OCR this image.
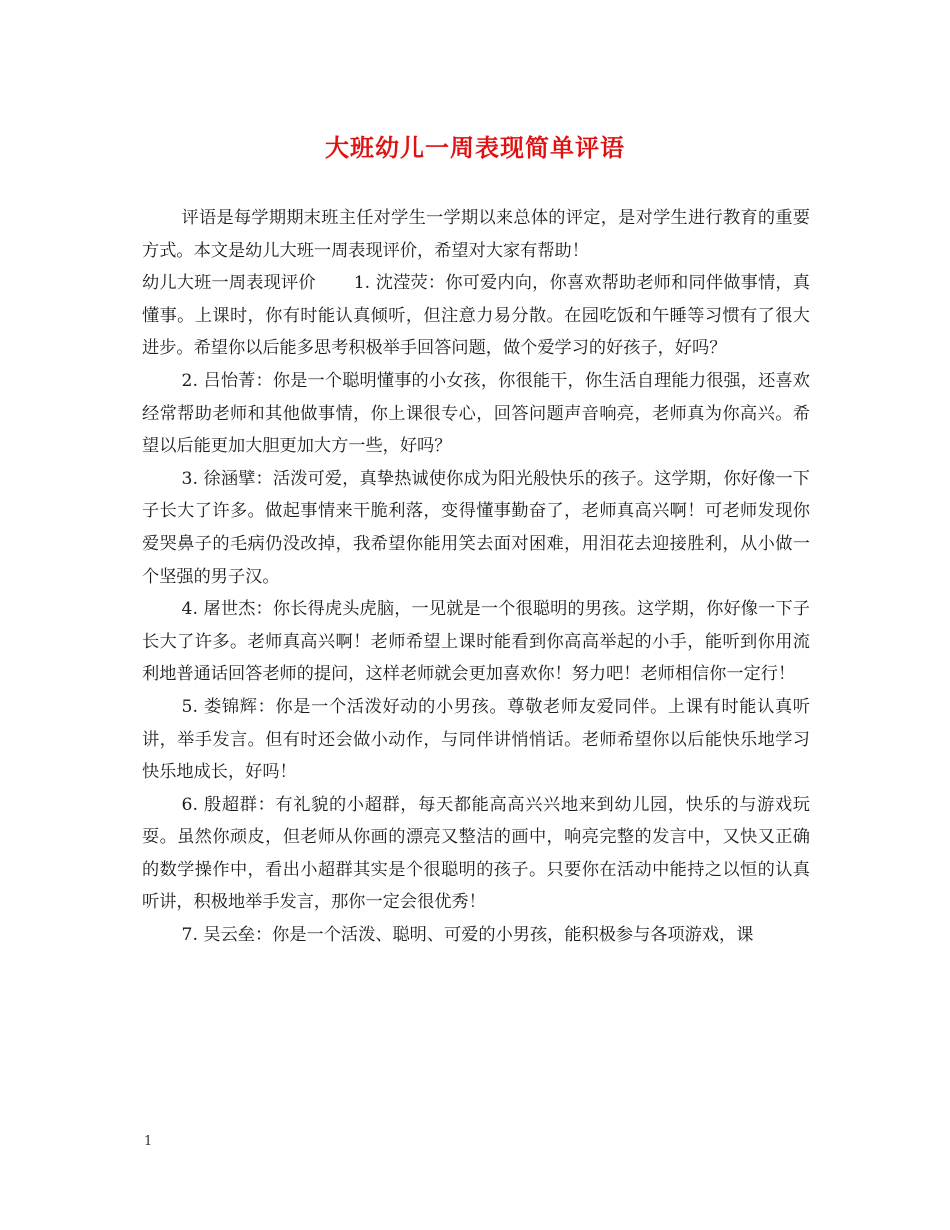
大班幼儿一周表现简单评语

评语是每学期期末班主任对学生一学期以来总体的评定，是对学生进行教育的重要方式。本文是幼儿大班一周表现评价，希望对大家有帮助！

幼儿大班一周表现评价 1. 沈滢荧：你可爱内向，你喜欢帮助老师和同伴做事情，真懂事。上课时，你有时能认真倾听，但注意力易分散。在园吃饭和午睡等习惯有了很大进步。希望你以后能多思考积极举手回答问题，做个爱学习的好孩子，好吗？

2. 吕怡菁：你是一个聪明懂事的小女孩，你很能干，你生活自理能力很强，还喜欢经常帮助老师和其他做事情，你上课很专心，回答问题声音响亮，老师真为你高兴。希望以后能更加大胆更加大方一些，好吗？

3. 徐涵擘：活泼可爱，真挚热诚使你成为阳光般快乐的孩子。这学期，你好像一下子长大了许多。做起事情来干脆利落，变得懂事勤奋了，老师真高兴啊！可老师发现你爱哭鼻子的毛病仍没改掉，我希望你能用笑去面对困难，用泪花去迎接胜利，从小做一个坚强的男子汉。

4. 屠世杰：你长得虎头虎脑，一见就是一个很聪明的男孩。这学期，你好像一下子长大了许多。老师真高兴啊！老师希望上课时能看到你高高举起的小手，能听到你用流利地普通话回答老师的提问，这样老师就会更加喜欢你！努力吧！老师相信你一定行！

5. 娄锦辉：你是一个活泼好动的小男孩。尊敬老师友爱同伴。上课有时能认真听讲，举手发言。但有时还会做小动作，与同伴讲悄悄话。老师希望你以后能快乐地学习快乐地成长，好吗！

6. 殷超群：有礼貌的小超群，每天都能高高兴兴地来到幼儿园，快乐的与游戏玩耍。虽然你顽皮，但老师从你画的漂亮又整洁的画中，响亮完整的发言中，又快又正确的数学操作中，看出小超群其实是个很聪明的孩子。只要你在活动中能持之以恒的认真听讲，积极地举手发言，那你一定会很优秀！

7. 吴云垒：你是一个活泼、聪明、可爱的小男孩，能积极参与各项游戏，课

1
